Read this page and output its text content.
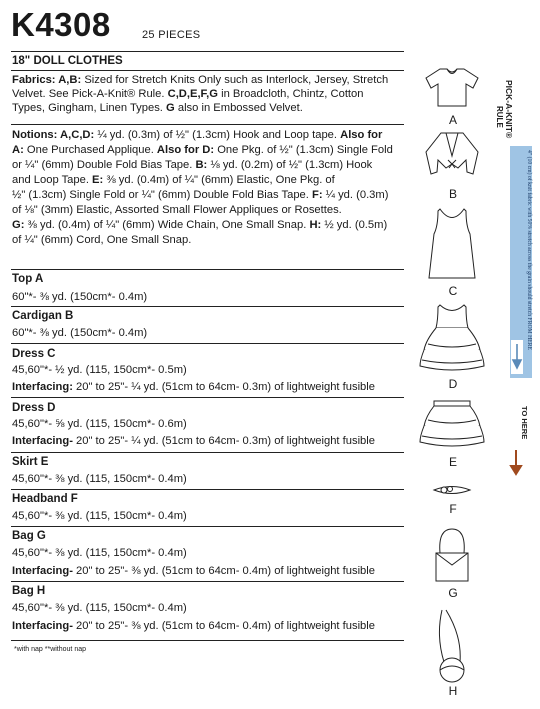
K4308	25 PIECES
18" DOLL CLOTHES
Fabrics: A,B: Sized for Stretch Knits Only such as Interlock, Jersey, Stretch
Velvet. See Pick-A-Knit® Rule. C,D,E,F,G in Broadcloth, Chintz, Cotton
Types, Gingham, Linen Types. G also in Embossed Velvet.
Notions: A,C,D: ¼ yd. (0.3m) of ½" (1.3cm) Hook and Loop tape. Also for
A: One Purchased Applique. Also for D: One Pkg. of ½" (1.3cm) Single Fold
or ¼" (6mm) Double Fold Bias Tape. B: ⅛ yd. (0.2m) of ½" (1.3cm) Hook
and Loop Tape. E: ⅜ yd. (0.4m) of ¼" (6mm) Elastic, One Pkg. of
½" (1.3cm) Single Fold or ¼" (6mm) Double Fold Bias Tape. F: ¼ yd. (0.3m)
of ⅛" (3mm) Elastic, Assorted Small Flower Appliques or Rosettes.
G: ⅜ yd. (0.4m) of ¼" (6mm) Wide Chain, One Small Snap. H: ½ yd. (0.5m)
of ¼" (6mm) Cord, One Small Snap.
Top A
60"*- ⅜ yd. (150cm*- 0.4m)
Cardigan B
60"*- ⅜ yd. (150cm*- 0.4m)
Dress C
45,60"*- ½ yd. (115, 150cm*- 0.5m)
Interfacing: 20" to 25"- ¼ yd. (51cm to 64cm- 0.3m) of lightweight fusible
Dress D
45,60"*- ⅝ yd. (115, 150cm*- 0.6m)
Interfacing- 20" to 25"- ¼ yd. (51cm to 64cm- 0.3m) of lightweight fusible
Skirt E
45,60"*- ⅜ yd. (115, 150cm*- 0.4m)
Headband F
45,60"*- ⅜ yd. (115, 150cm*- 0.4m)
Bag G
45,60"*- ⅜ yd. (115, 150cm*- 0.4m)
Interfacing- 20" to 25"- ⅜ yd. (51cm to 64cm- 0.4m) of lightweight fusible
Bag H
45,60"*- ⅜ yd. (115, 150cm*- 0.4m)
Interfacing- 20" to 25"- ⅜ yd. (51cm to 64cm- 0.4m) of lightweight fusible
*with nap **without nap
A
B
C
D
E
F
G
H
PICK-A-KNIT®
RULE
4" (10 cm) of knit fabric with 50% stretch across the grain should stretch FROM HERE
TO HERE
